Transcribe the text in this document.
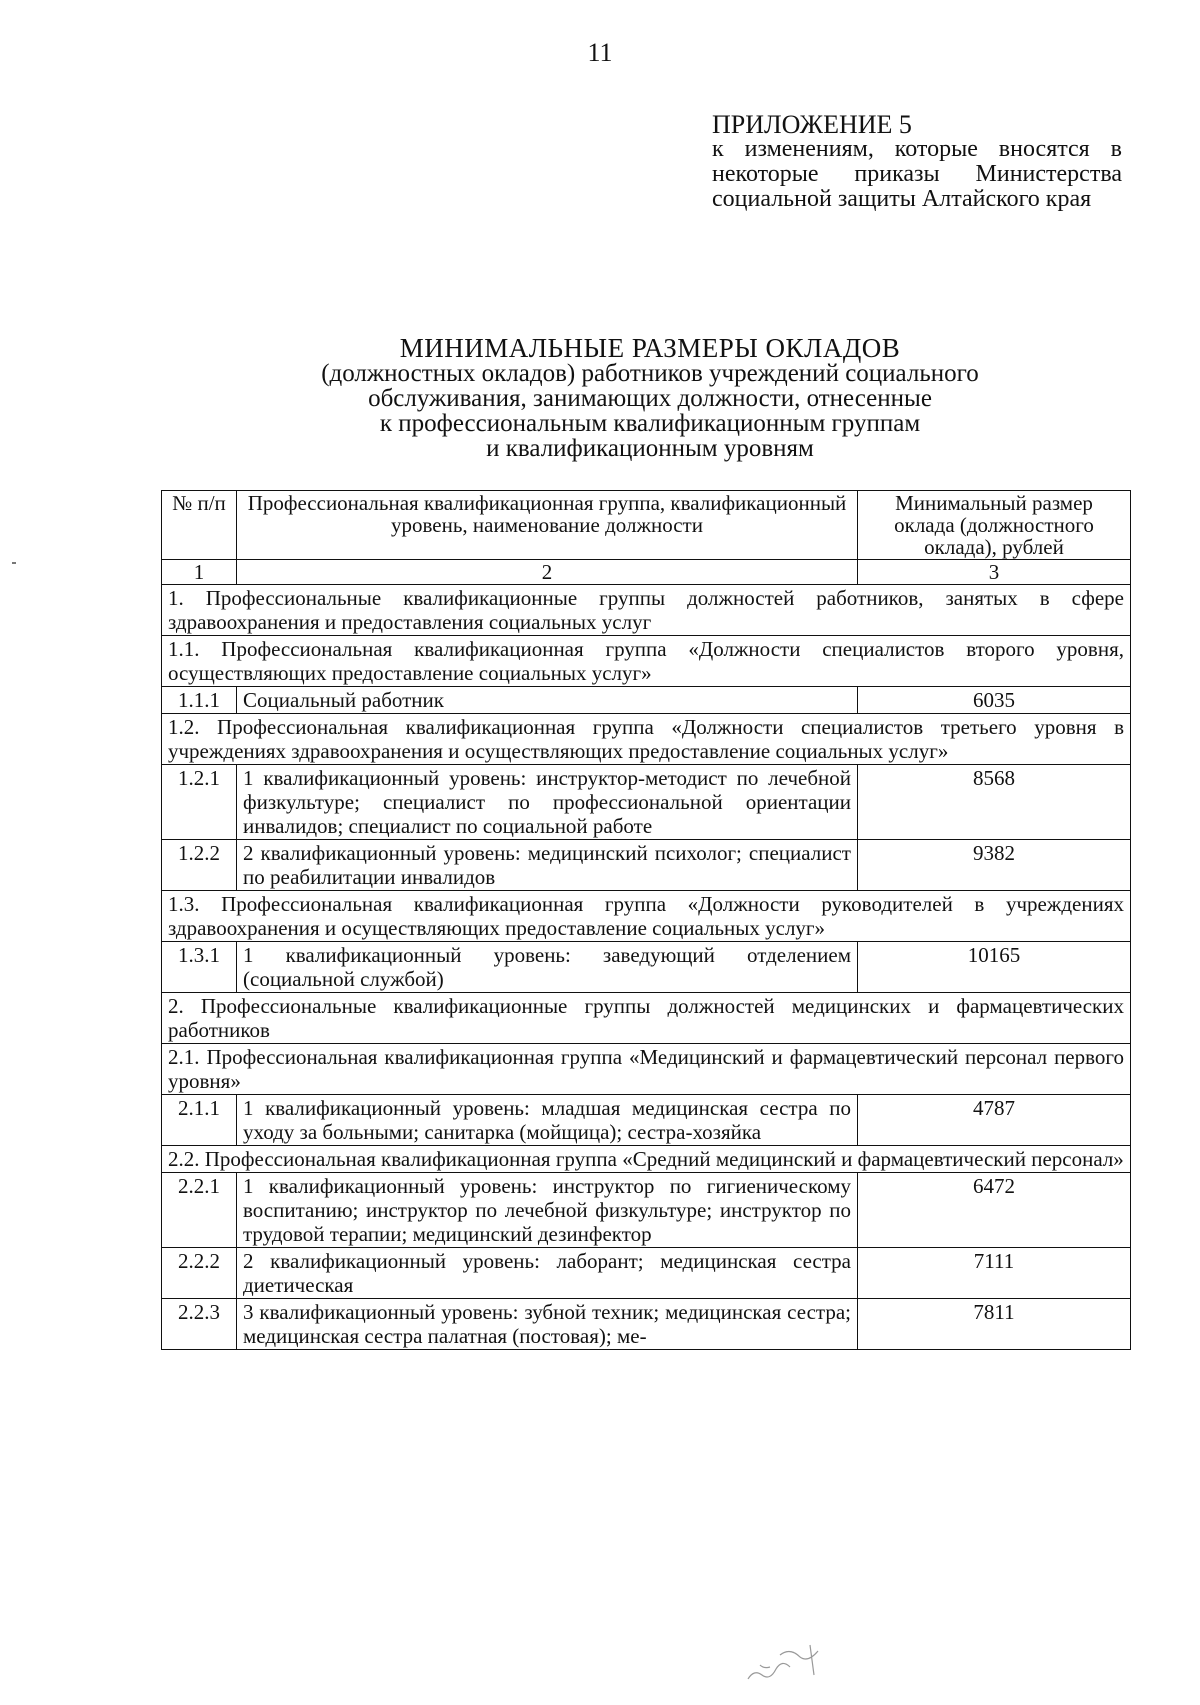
11
ПРИЛОЖЕНИЕ 5
к изменениям, которые вносятся в некоторые приказы Министерства социальной защиты Алтайского края
МИНИМАЛЬНЫЕ РАЗМЕРЫ ОКЛАДОВ
(должностных окладов) работников учреждений социального
обслуживания, занимающих должности, отнесенные
к профессиональным квалификационным группам
и квалификационным уровням
№ п/п	Профессиональная квалификационная группа, квалификационный уровень, наименование должности	Минимальный размер оклада (должностного оклада), рублей
1	2	3
1. Профессиональные квалификационные группы должностей работников, занятых в сфере здравоохранения и предоставления социальных услуг		
1.1. Профессиональная квалификационная группа «Должности специалистов второго уровня, осуществляющих предоставление социальных услуг»		
1.1.1	Социальный работник	6035
1.2. Профессиональная квалификационная группа «Должности специалистов третьего уровня в учреждениях здравоохранения и осуществляющих предоставление социальных услуг»		
1.2.1	1 квалификационный уровень: инструктор-методист по лечебной физкультуре; специалист по профессиональной ориентации инвалидов; специалист по социальной работе	8568
1.2.2	2 квалификационный уровень: медицинский психолог; специалист по реабилитации инвалидов	9382
1.3. Профессиональная квалификационная группа «Должности руководителей в учреждениях здравоохранения и осуществляющих предоставление социальных услуг»		
1.3.1	1 квалификационный уровень: заведующий отделением (социальной службой)	10165
2. Профессиональные квалификационные группы должностей медицинских и фармацевтических работников		
2.1. Профессиональная квалификационная группа «Медицинский и фармацевтический персонал первого уровня»		
2.1.1	1 квалификационный уровень: младшая медицинская сестра по уходу за больными; санитарка (мойщица); сестра-хозяйка	4787
2.2. Профессиональная квалификационная группа «Средний медицинский и фармацевтический персонал»		
2.2.1	1 квалификационный уровень: инструктор по гигиеническому воспитанию; инструктор по лечебной физкультуре; инструктор по трудовой терапии; медицинский дезинфектор	6472
2.2.2	2 квалификационный уровень: лаборант; медицинская сестра диетическая	7111
2.2.3	3 квалификационный уровень: зубной техник; медицинская сестра; медицинская сестра палатная (постовая); ме-	7811
